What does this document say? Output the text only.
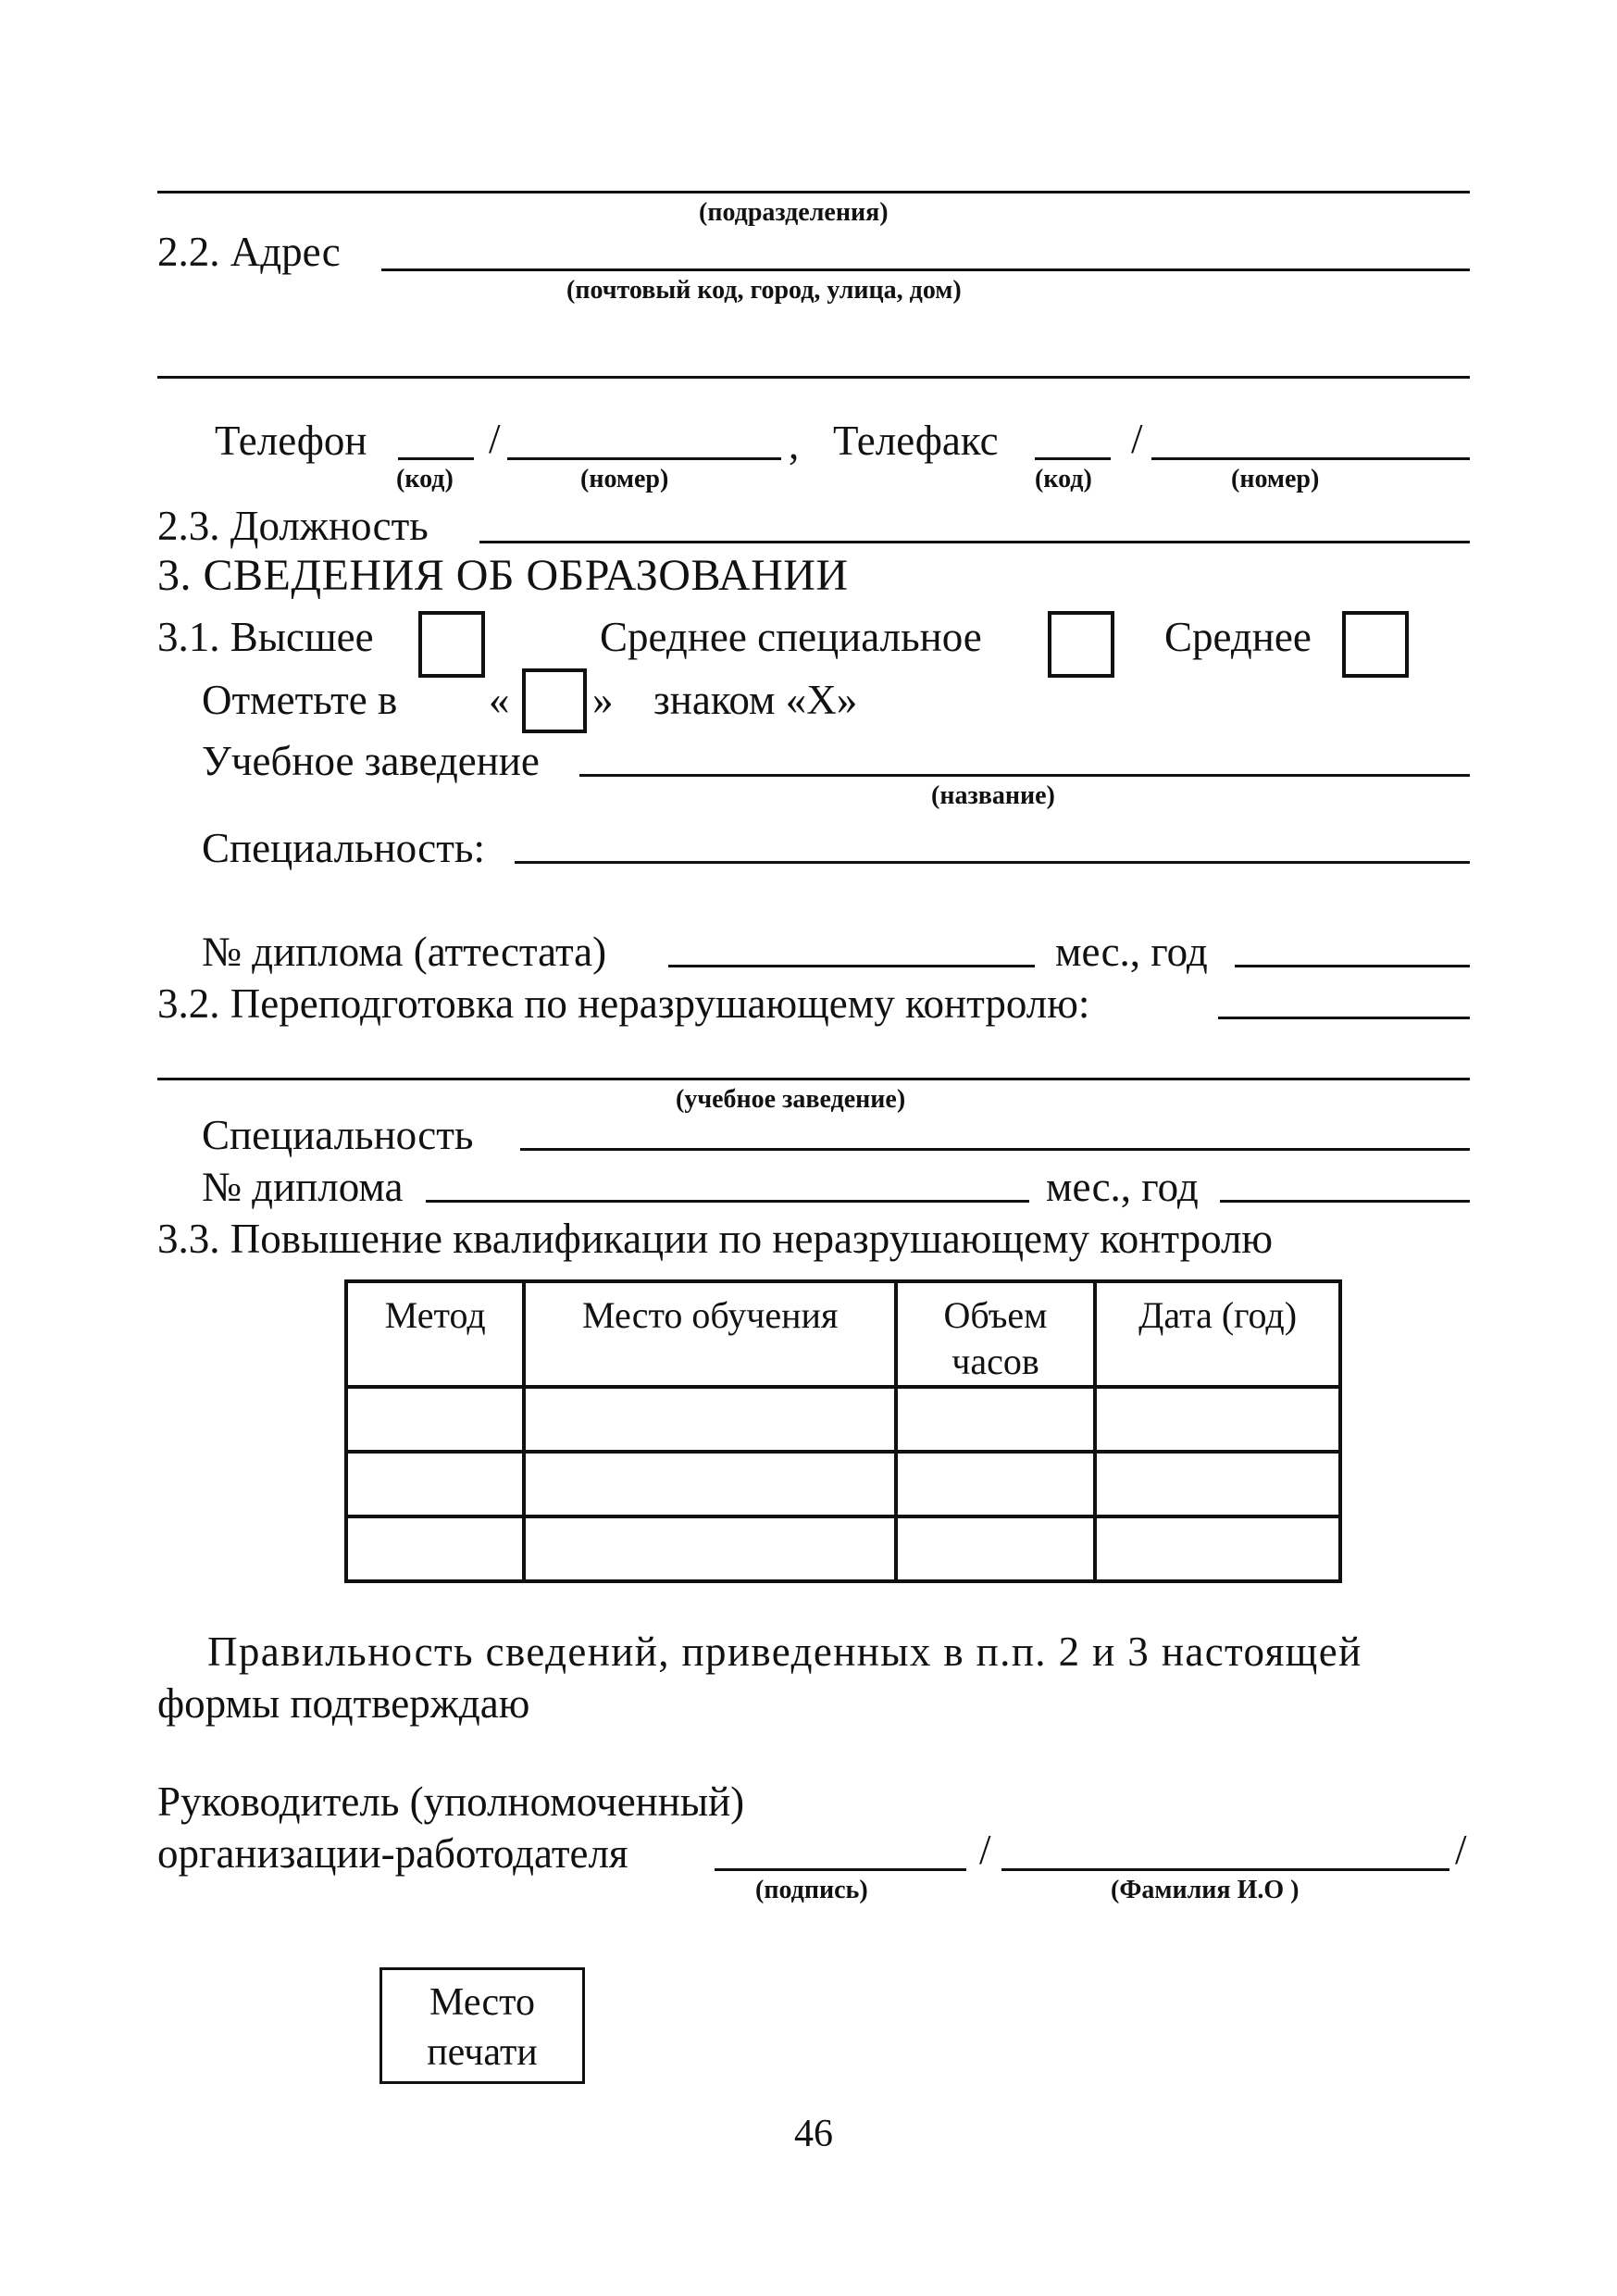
(подразделения)
2.2. Адрес
(почтовый код, город, улица, дом)
Телефон	/	,
(код)	(номер)
Телефакс	/
(код)	(номер)
2.3. Должность
3. СВЕДЕНИЯ ОБ ОБРАЗОВАНИИ
3.1. Высшее	Среднее специальное	Среднее
Отметьте в « » знаком «Х»
Учебное заведение
(название)
Специальность:
№ диплома (аттестата)	мес., год
3.2. Переподготовка по неразрушающему контролю:
(учебное заведение)
Специальность
№ диплома	мес., год
3.3. Повышение квалификации по неразрушающему контролю
Метод	Место обучения	Объем часов	Дата (год)

Правильность сведений, приведенных в п.п. 2 и 3 настоящей
формы подтверждаю
Руководитель (уполномоченный)
организации-работодателя	/	/
(подпись)	(Фамилия И.О )
Место
печати
46
